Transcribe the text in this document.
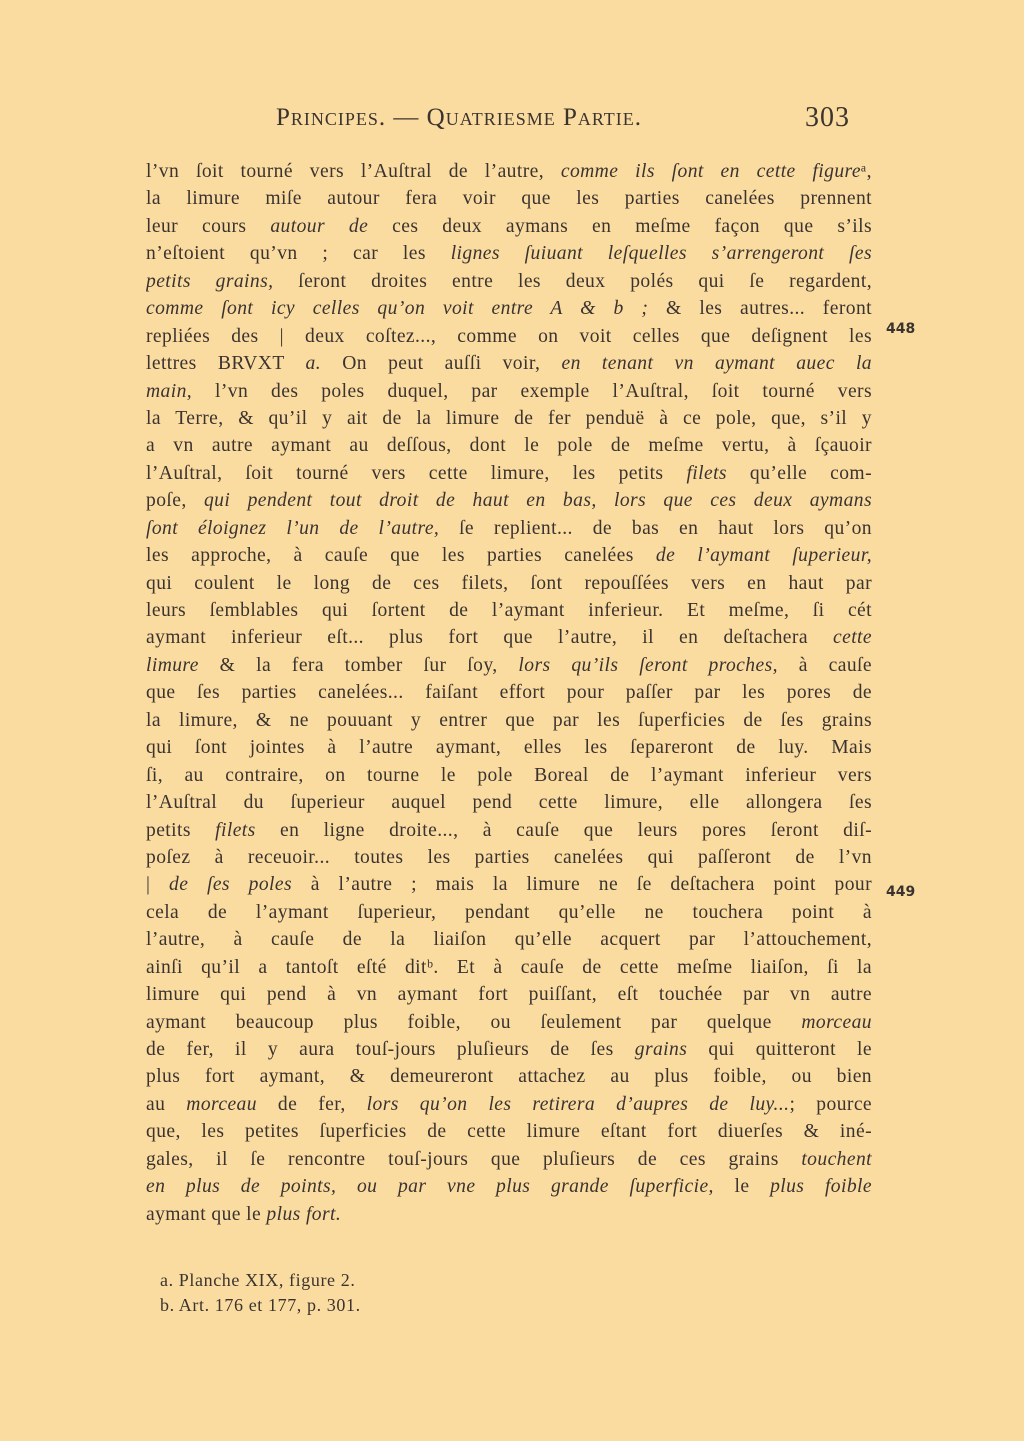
Principes. — Quatriesme Partie.	303
l’vn ſoit tourné vers l’Auſtral de l’autre, comme ils ſont en cette figureᵃ,
la limure miſe autour fera voir que les parties canelées prennent
leur cours autour de ces deux aymans en meſme façon que s’ils
n’eſtoient qu’vn ; car les lignes ſuiuant leſquelles s’arrengeront ſes
petits grains, ſeront droites entre les deux polés qui ſe regardent,
comme ſont icy celles qu’on voit entre A & b ; & les autres... feront
repliées des | deux coſtez..., comme on voit celles que deſignent les
lettres BRVXT a. On peut auſſi voir, en tenant vn aymant auec la
main, l’vn des poles duquel, par exemple l’Auſtral, ſoit tourné vers
la Terre, & qu’il y ait de la limure de fer penduë à ce pole, que, s’il y
a vn autre aymant au deſſous, dont le pole de meſme vertu, à ſçauoir
l’Auſtral, ſoit tourné vers cette limure, les petits filets qu’elle com-
poſe, qui pendent tout droit de haut en bas, lors que ces deux aymans
ſont éloignez l’un de l’autre, ſe replient... de bas en haut lors qu’on
les approche, à cauſe que les parties canelées de l’aymant ſuperieur,
qui coulent le long de ces filets, ſont repouſſées vers en haut par
leurs ſemblables qui ſortent de l’aymant inferieur. Et meſme, ſi cét
aymant inferieur eſt... plus fort que l’autre, il en deſtachera cette
limure & la fera tomber ſur ſoy, lors qu’ils ſeront proches, à cauſe
que ſes parties canelées... faiſant effort pour paſſer par les pores de
la limure, & ne pouuant y entrer que par les ſuperficies de ſes grains
qui ſont jointes à l’autre aymant, elles les ſepareront de luy. Mais
ſi, au contraire, on tourne le pole Boreal de l’aymant inferieur vers
l’Auſtral du ſuperieur auquel pend cette limure, elle allongera ſes
petits filets en ligne droite..., à cauſe que leurs pores ſeront diſ-
poſez à receuoir... toutes les parties canelées qui paſſeront de l’vn
| de ſes poles à l’autre ; mais la limure ne ſe deſtachera point pour
cela de l’aymant ſuperieur, pendant qu’elle ne touchera point à
l’autre, à cauſe de la liaiſon qu’elle acquert par l’attouchement,
ainſi qu’il a tantoſt eſté ditᵇ. Et à cauſe de cette meſme liaiſon, ſi la
limure qui pend à vn aymant fort puiſſant, eſt touchée par vn autre
aymant beaucoup plus foible, ou ſeulement par quelque morceau
de fer, il y aura touſ-jours pluſieurs de ſes grains qui quitteront le
plus fort aymant, & demeureront attachez au plus foible, ou bien
au morceau de fer, lors qu’on les retirera d’aupres de luy...; pource
que, les petites ſuperficies de cette limure eſtant fort diuerſes & iné-
gales, il ſe rencontre touſ-jours que pluſieurs de ces grains touchent
en plus de points, ou par vne plus grande ſuperficie, le plus foible
aymant que le plus fort.
448
449
a. Planche XIX, figure 2.
b. Art. 176 et 177, p. 301.
